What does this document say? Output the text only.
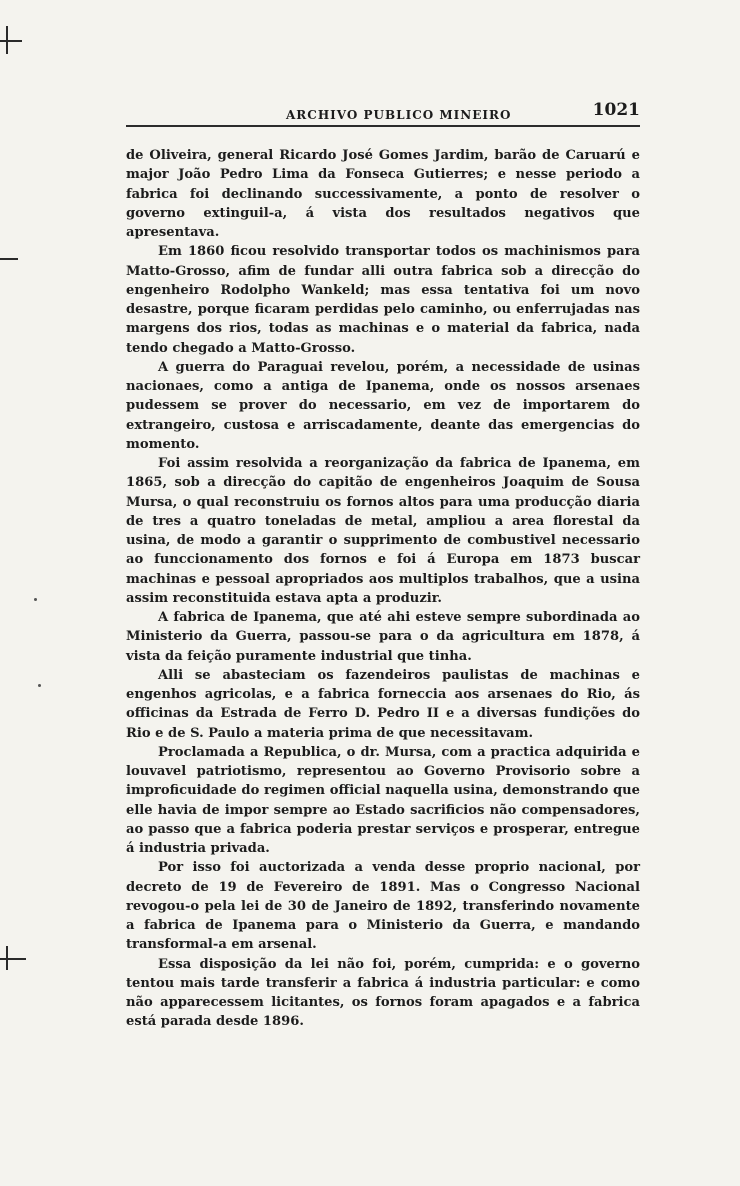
ARCHIVO PUBLICO MINEIRO	1021

de Oliveira, general Ricardo José Gomes Jardim, barão de Caruarú e major João Pedro Lima da Fonseca Gutierres; e nesse periodo a fabrica foi declinando successivamente, a ponto de resolver o governo extinguil-a, á vista dos resultados negativos que apresentava.

Em 1860 ficou resolvido transportar todos os machinismos para Matto-Grosso, afim de fundar alli outra fabrica sob a direcção do engenheiro Rodolpho Wankeld; mas essa tentativa foi um novo desastre, porque ficaram perdidas pelo caminho, ou enferrujadas nas margens dos rios, todas as machinas e o material da fabrica, nada tendo chegado a Matto-Grosso.

A guerra do Paraguai revelou, porém, a necessidade de usinas nacionaes, como a antiga de Ipanema, onde os nossos arsenaes pudessem se prover do necessario, em vez de importarem do extrangeiro, custosa e arriscadamente, deante das emergencias do momento.

Foi assim resolvida a reorganização da fabrica de Ipanema, em 1865, sob a direcção do capitão de engenheiros Joaquim de Sousa Mursa, o qual reconstruiu os fornos altos para uma producção diaria de tres a quatro toneladas de metal, ampliou a area florestal da usina, de modo a garantir o supprimento de combustivel necessario ao funccionamento dos fornos e foi á Europa em 1873 buscar machinas e pessoal apropriados aos multiplos trabalhos, que a usina assim reconstituida estava apta a produzir.

A fabrica de Ipanema, que até ahi esteve sempre subordinada ao Ministerio da Guerra, passou-se para o da agricultura em 1878, á vista da feição puramente industrial que tinha.

Alli se abasteciam os fazendeiros paulistas de machinas e engenhos agricolas, e a fabrica forneccia aos arsenaes do Rio, ás officinas da Estrada de Ferro D. Pedro II e a diversas fundições do Rio e de S. Paulo a materia prima de que necessitavam.

Proclamada a Republica, o dr. Mursa, com a practica adquirida e louvavel patriotismo, representou ao Governo Provisorio sobre a improficuidade do regimen official naquella usina, demonstrando que elle havia de impor sempre ao Estado sacrificios não compensadores, ao passo que a fabrica poderia prestar serviços e prosperar, entregue á industria privada.

Por isso foi auctorizada a venda desse proprio nacional, por decreto de 19 de Fevereiro de 1891. Mas o Congresso Nacional revogou-o pela lei de 30 de Janeiro de 1892, transferindo novamente a fabrica de Ipanema para o Ministerio da Guerra, e mandando transformal-a em arsenal.

Essa disposição da lei não foi, porém, cumprida: e o governo tentou mais tarde transferir a fabrica á industria particular: e como não apparecessem licitantes, os fornos foram apagados e a fabrica está parada desde 1896.
